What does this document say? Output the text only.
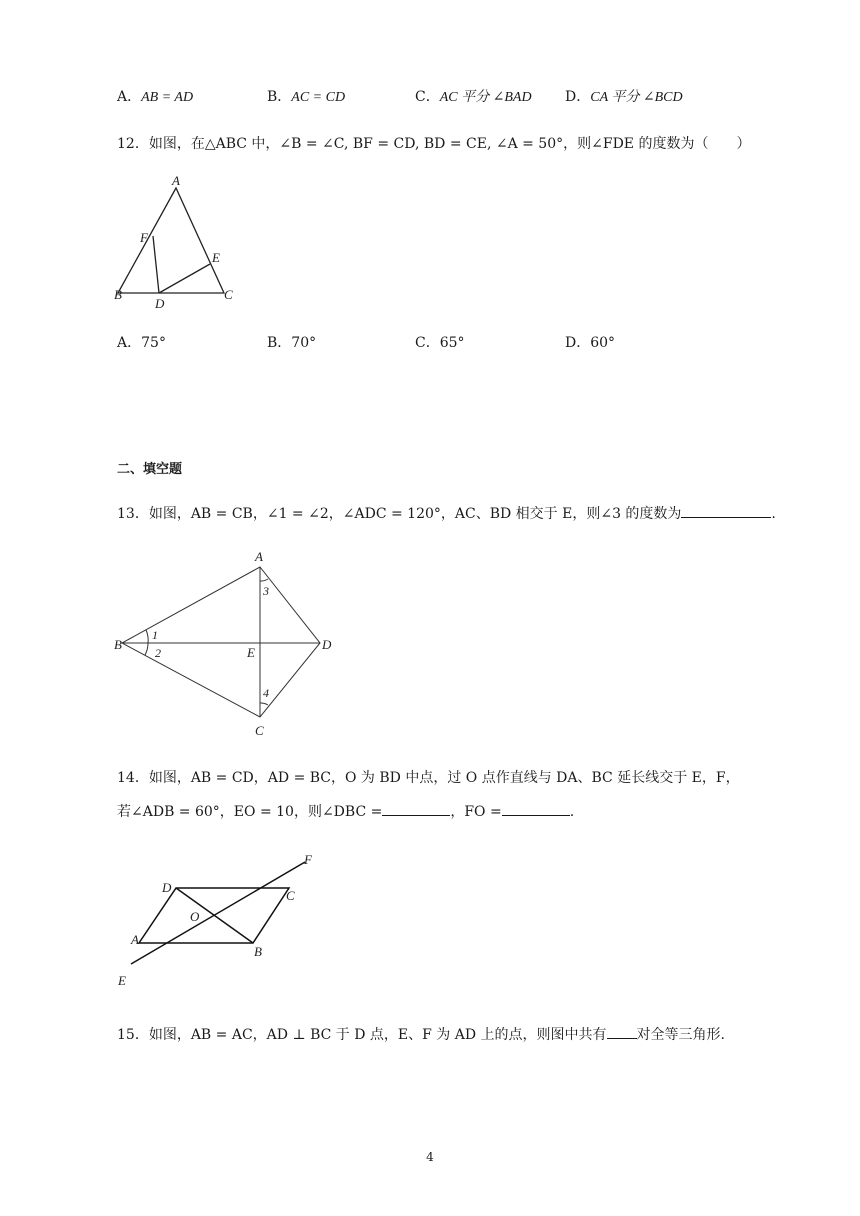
A．AB = AD	B．AC = CD	C．AC 平分 ∠BAD D．CA 平分 ∠BCD
12．如图，在△ABC 中，∠B = ∠C, BF = CD, BD = CE, ∠A = 50°，则∠FDE 的度数为（　　）
A
B	C
D
E
F
A．75°	B．70°	C．65°	D．60°
二、填空题
13．如图，AB = CB，∠1 = ∠2，∠ADC = 120°，AC、BD 相交于 E，则∠3 的度数为	.
A
B
C
D
E
1
2
3
4
14．如图，AB = CD，AD = BC，O 为 BD 中点，过 O 点作直线与 DA、BC 延长线交于 E，F，
若∠ADB = 60°，EO = 10，则∠DBC =	，FO =	.
D
C
A
B
F
E
O
15．如图，AB = AC，AD ⊥ BC 于 D 点，E、F 为 AD 上的点，则图中共有 对全等三角形.
4
